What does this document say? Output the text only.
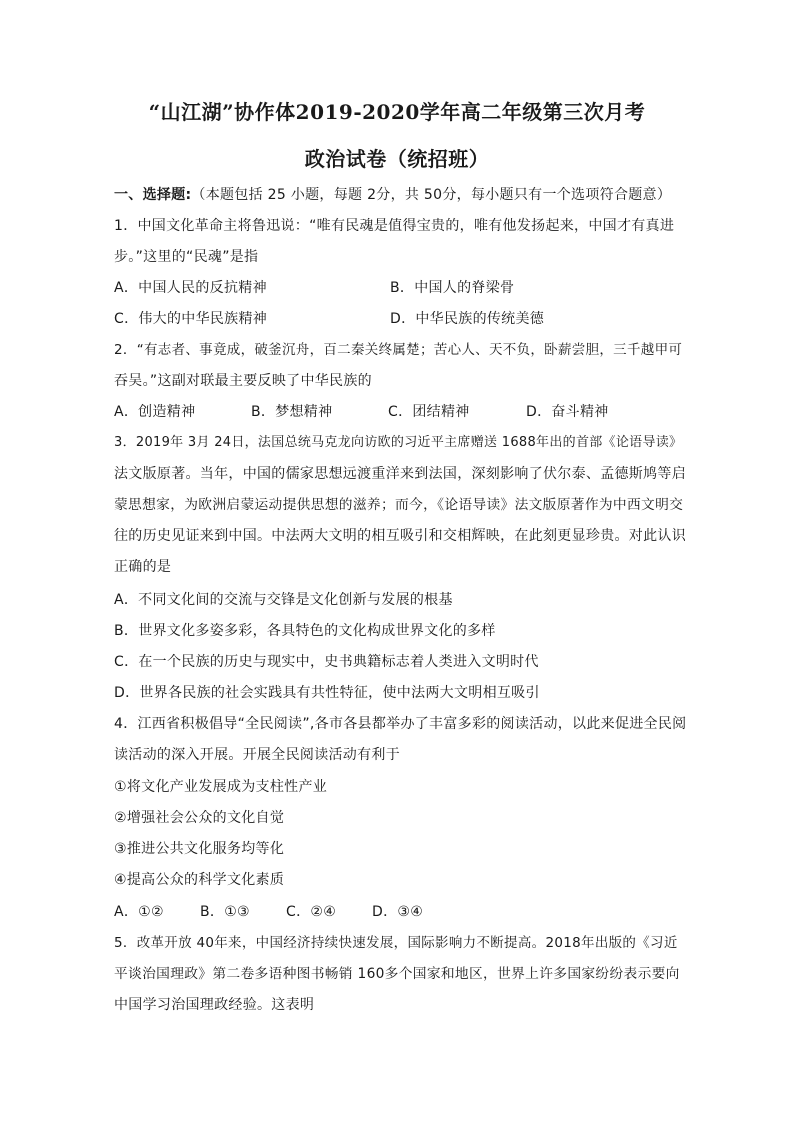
“山江湖”协作体2019-2020学年高二年级第三次月考
政治试卷（统招班）
一、选择题:（本题包括 25 小题，每题 2分，共 50分，每小题只有一个选项符合题意）
1．中国文化革命主将鲁迅说：“唯有民魂是值得宝贵的，唯有他发扬起来，中国才有真进
步。”这里的“民魂”是指
A．中国人民的反抗精神	B．中国人的脊梁骨
C．伟大的中华民族精神	D．中华民族的传统美德
2．“有志者、事竟成，破釜沉舟，百二秦关终属楚；苦心人、天不负，卧薪尝胆，三千越甲可
吞吴。”这副对联最主要反映了中华民族的
A．创造精神	B．梦想精神	C．团结精神	D．奋斗精神
3．2019年 3月 24日，法国总统马克龙向访欧的习近平主席赠送 1688年出的首部《论语导读》
法文版原著。当年，中国的儒家思想远渡重洋来到法国，深刻影响了伏尔泰、孟德斯鸠等启
蒙思想家，为欧洲启蒙运动提供思想的滋养；而今，《论语导读》法文版原著作为中西文明交
往的历史见证来到中国。中法两大文明的相互吸引和交相辉映，在此刻更显珍贵。对此认识
正确的是
A．不同文化间的交流与交锋是文化创新与发展的根基
B．世界文化多姿多彩，各具特色的文化构成世界文化的多样
C．在一个民族的历史与现实中，史书典籍标志着人类进入文明时代
D．世界各民族的社会实践具有共性特征，使中法两大文明相互吸引
4．江西省积极倡导“全民阅读”,各市各县都举办了丰富多彩的阅读活动，以此来促进全民阅
读活动的深入开展。开展全民阅读活动有利于
①将文化产业发展成为支柱性产业
②增强社会公众的文化自觉
③推进公共文化服务均等化
④提高公众的科学文化素质
A．①②	B．①③	C．②④	D．③④
5．改革开放 40年来，中国经济持续快速发展，国际影响力不断提高。2018年出版的《习近
平谈治国理政》第二卷多语种图书畅销 160多个国家和地区，世界上许多国家纷纷表示要向
中国学习治国理政经验。这表明
